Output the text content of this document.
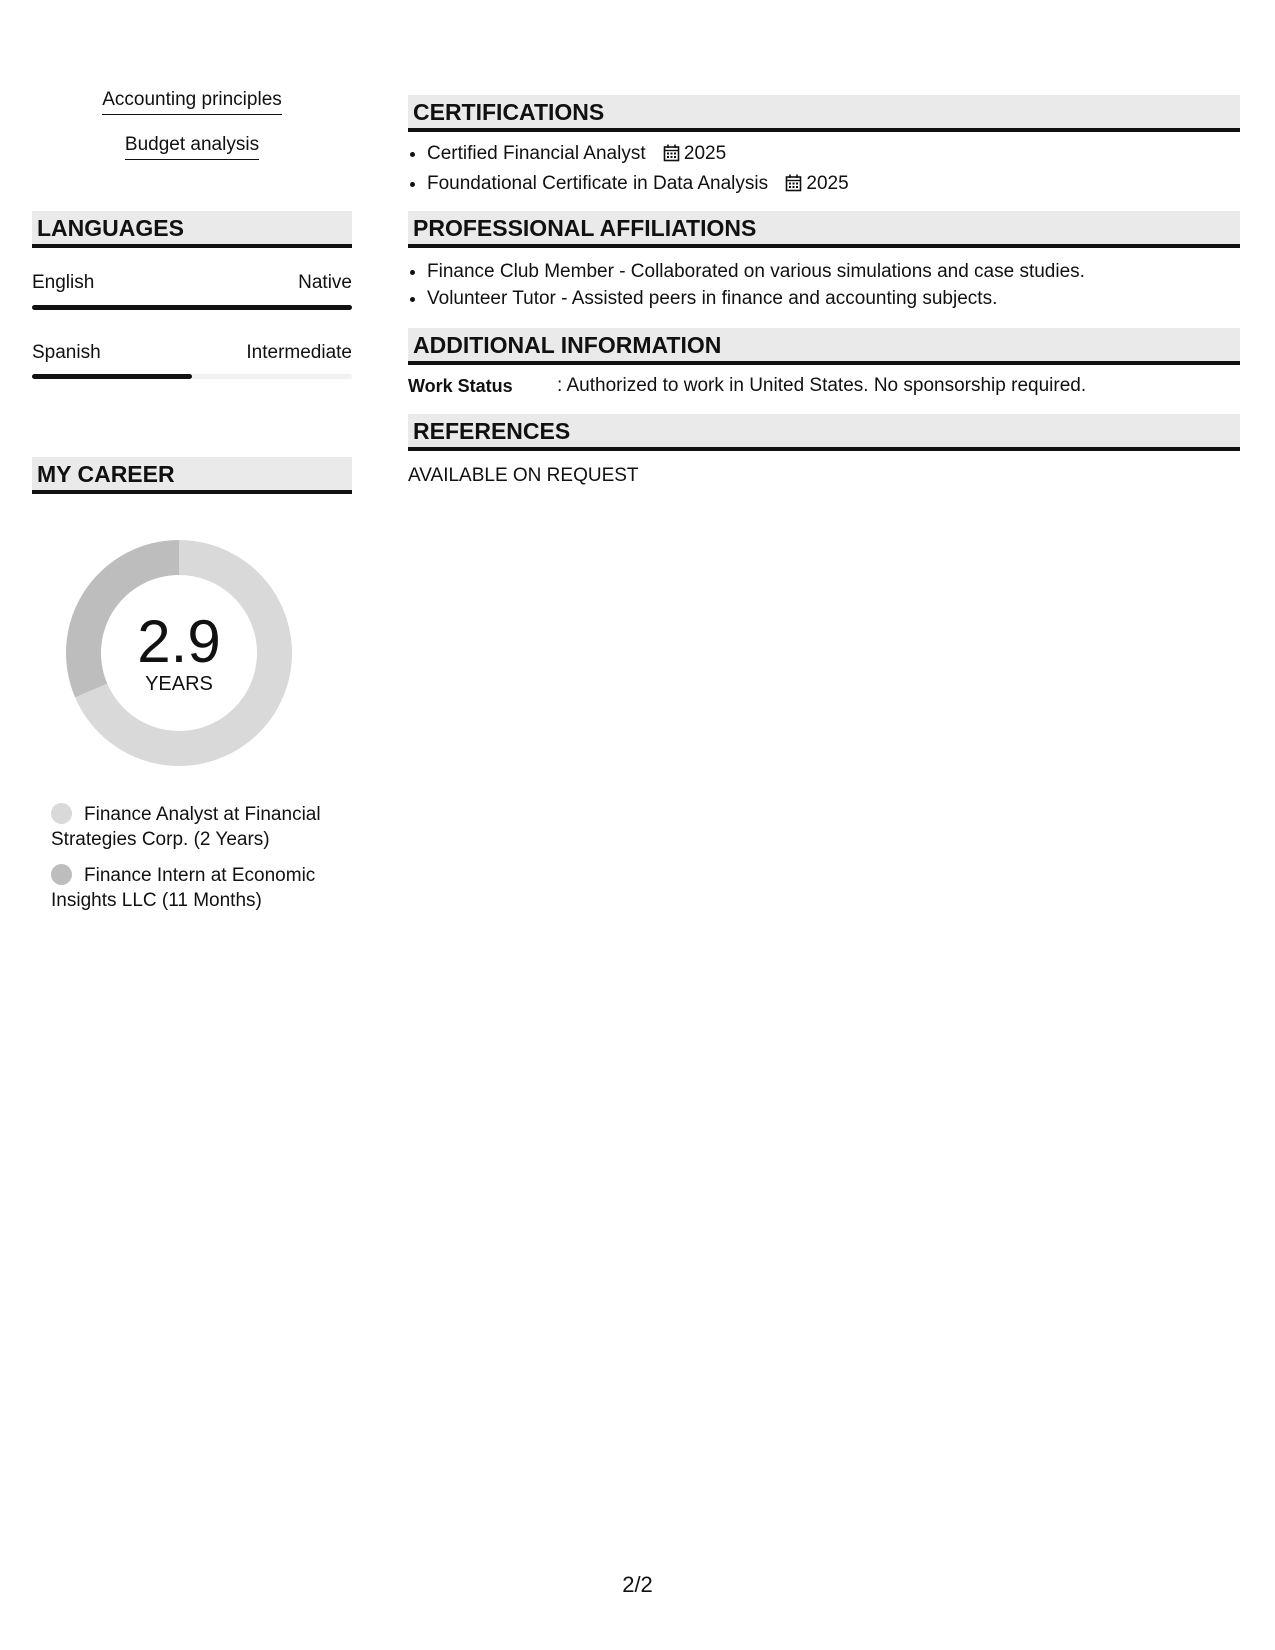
Accounting principles
Budget analysis
LANGUAGES
English	Native
Spanish	Intermediate
MY CAREER
2.9
YEARS
Finance Analyst at Financial Strategies Corp. (2 Years)
Finance Intern at Economic Insights LLC (11 Months)
CERTIFICATIONS
• Certified Financial Analyst 2025
• Foundational Certificate in Data Analysis 2025
PROFESSIONAL AFFILIATIONS
• Finance Club Member - Collaborated on various simulations and case studies.
• Volunteer Tutor - Assisted peers in finance and accounting subjects.
ADDITIONAL INFORMATION
Work Status : Authorized to work in United States. No sponsorship required.
REFERENCES
AVAILABLE ON REQUEST
2/2
